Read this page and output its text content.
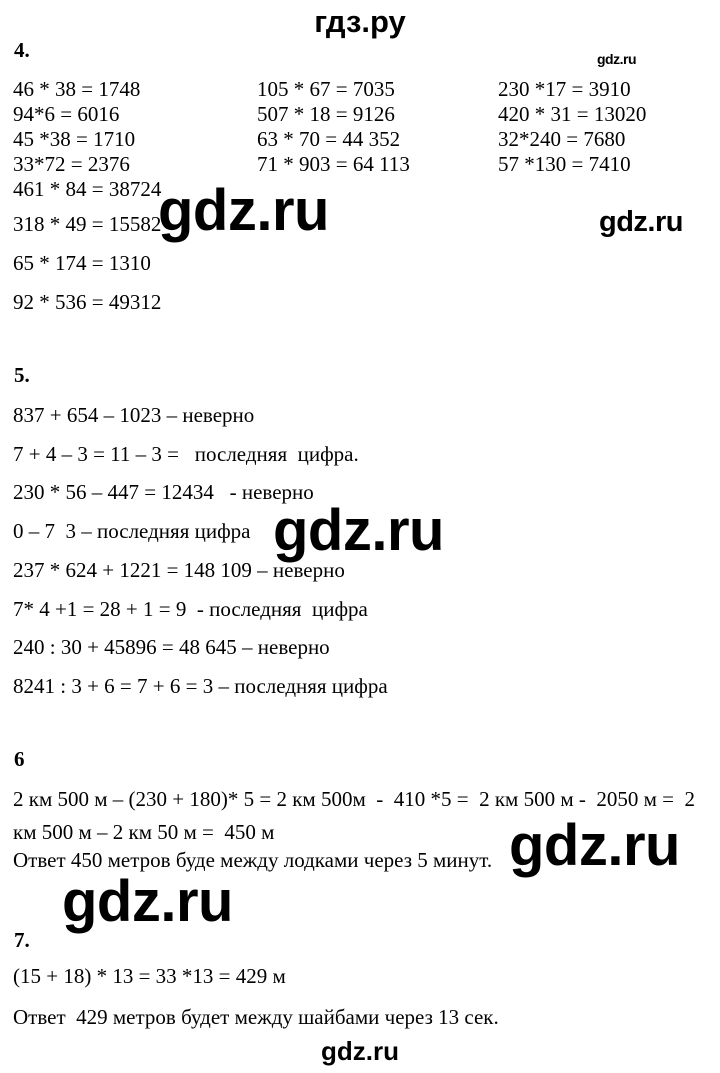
гдз.ру
gdz.ru
4.
46 * 38 = 1748
94*6 = 6016
45 *38 = 1710
33*72 = 2376
461 * 84 = 38724
105 * 67 = 7035
507 * 18 = 9126
63 * 70 = 44 352
71 * 903 = 64 113
230 *17 = 3910
420 * 31 = 13020
32*240 = 7680
57 *130 = 7410
gdz.ru	gdz.ru
318 * 49 = 15582
65 * 174 = 1310
92 * 536 = 49312
5.
837 + 654 – 1023 – неверно
7 + 4 – 3 = 11 – 3 =   последняя  цифра.
230 * 56 – 447 = 12434   - неверно
0 – 7  3 – последняя цифра
237 * 624 + 1221 = 148 109 – неверно
7* 4 +1 = 28 + 1 = 9  - последняя  цифра
240 : 30 + 45896 = 48 645 – неверно
8241 : 3 + 6 = 7 + 6 = 3 – последняя цифра
gdz.ru
6
2 км 500 м – (230 + 180)* 5 = 2 км 500м  -  410 *5 =  2 км 500 м -  2050 м =  2
км 500 м – 2 км 50 м =  450 м
Ответ 450 метров буде между лодками через 5 минут. gdz.ru
gdz.ru
7.
(15 + 18) * 13 = 33 *13 = 429 м
Ответ  429 метров будет между шайбами через 13 сек.
gdz.ru
